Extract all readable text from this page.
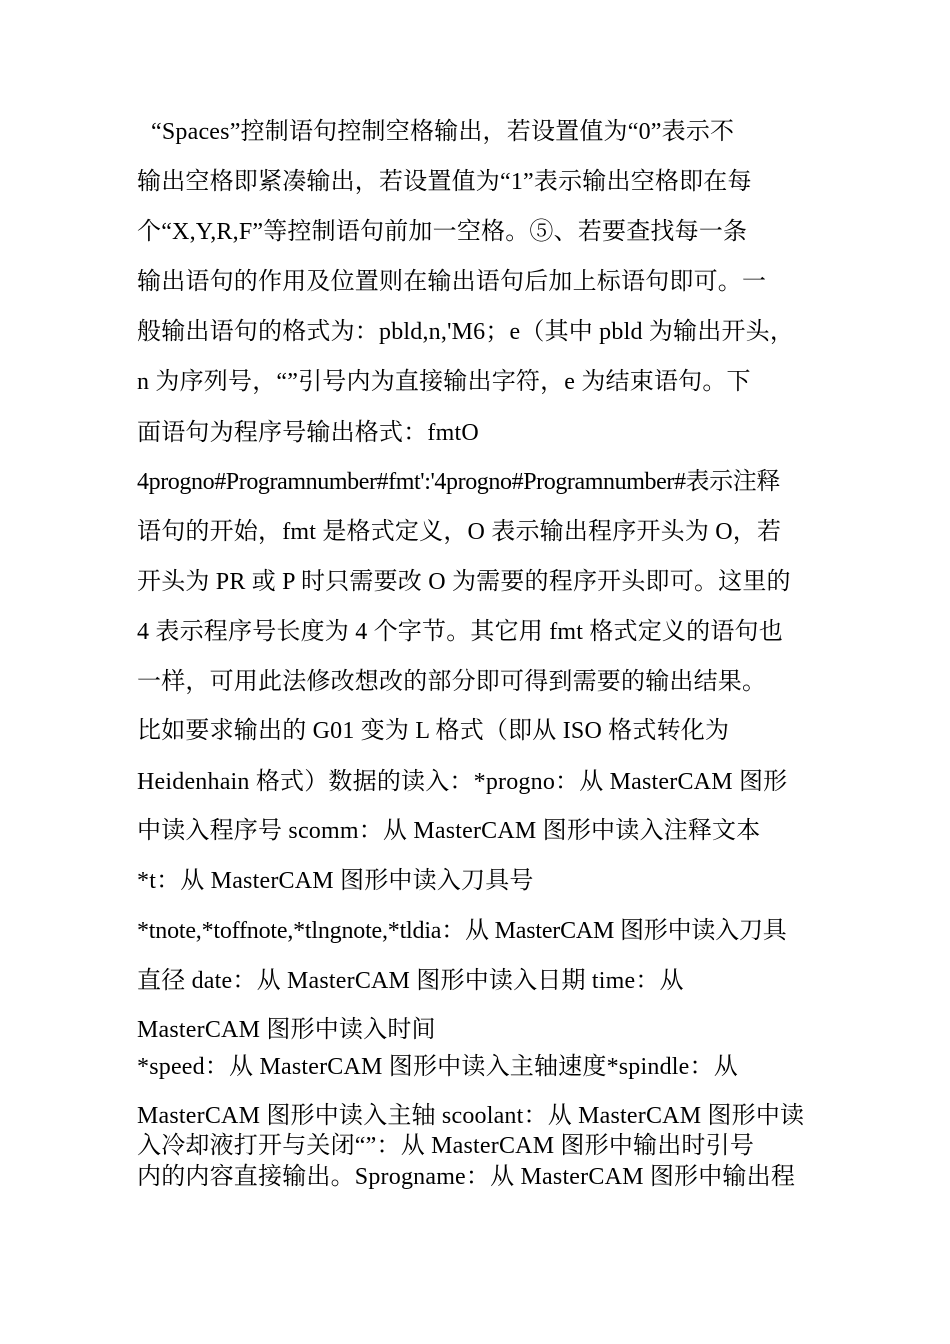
“Spaces”控制语句控制空格输出，若设置值为“0”表示不
输出空格即紧凑输出，若设置值为“1”表示输出空格即在每
个“X,Y,R,F”等控制语句前加一空格。⑤、若要查找每一条
输出语句的作用及位置则在输出语句后加上标语句即可。一
般输出语句的格式为：pbld,n,'M6；e（其中 pbld 为输出开头，
n 为序列号，“”引号内为直接输出字符，e 为结束语句。下
面语句为程序号输出格式：fmtO
4progno#Programnumber#fmt':'4progno#Programnumber#表示注释
语句的开始，fmt 是格式定义，O 表示输出程序开头为 O，若
开头为 PR 或 P 时只需要改 O 为需要的程序开头即可。这里的
4 表示程序号长度为 4 个字节。其它用 fmt 格式定义的语句也
一样，可用此法修改想改的部分即可得到需要的输出结果。
比如要求输出的 G01 变为 L 格式（即从 ISO 格式转化为
Heidenhain 格式）数据的读入：*progno：从 MasterCAM 图形
中读入程序号 scomm：从 MasterCAM 图形中读入注释文本
*t：从 MasterCAM 图形中读入刀具号
*tnote,*toffnote,*tlngnote,*tldia：从 MasterCAM 图形中读入刀具
直径 date：从 MasterCAM 图形中读入日期 time：从
MasterCAM 图形中读入时间
*speed：从 MasterCAM 图形中读入主轴速度*spindle：从
MasterCAM 图形中读入主轴 scoolant：从 MasterCAM 图形中读
入冷却液打开与关闭“”：从 MasterCAM 图形中输出时引号
内的内容直接输出。Sprogname：从 MasterCAM 图形中输出程
